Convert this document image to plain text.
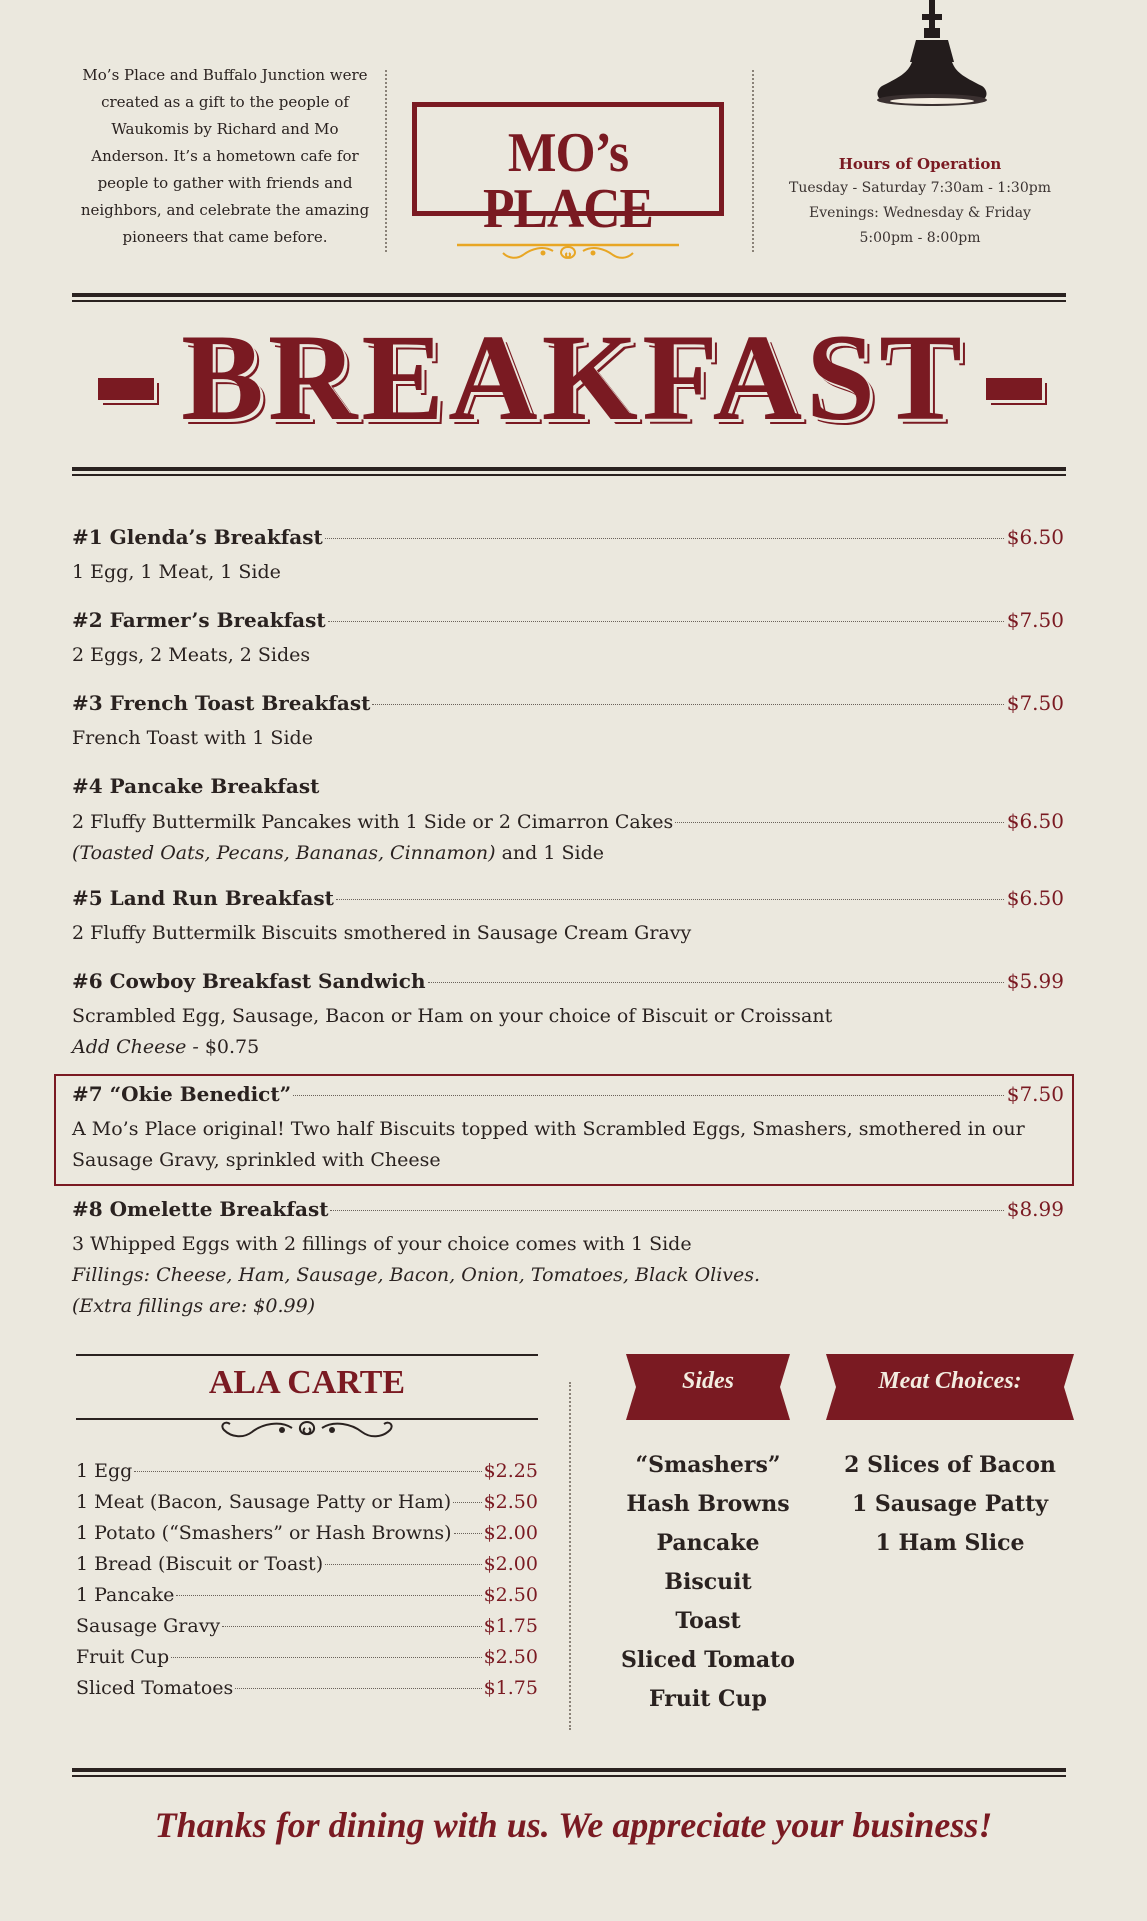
Mo’s Place and Buffalo Junction were created as a gift to the people of Waukomis by Richard and Mo Anderson. It’s a hometown cafe for people to gather with friends and neighbors, and celebrate the amazing pioneers that came before.
MO’s PLACE
Hours of Operation
Tuesday - Saturday 7:30am - 1:30pm
Evenings: Wednesday & Friday
5:00pm - 8:00pm
BREAKFAST
#1 Glenda’s Breakfast	$6.50
1 Egg, 1 Meat, 1 Side
#2 Farmer’s Breakfast	$7.50
2 Eggs, 2 Meats, 2 Sides
#3 French Toast Breakfast	$7.50
French Toast with 1 Side
#4 Pancake Breakfast
2 Fluffy Buttermilk Pancakes with 1 Side or 2 Cimarron Cakes	$6.50
(Toasted Oats, Pecans, Bananas, Cinnamon) and 1 Side
#5 Land Run Breakfast	$6.50
2 Fluffy Buttermilk Biscuits smothered in Sausage Cream Gravy
#6 Cowboy Breakfast Sandwich	$5.99
Scrambled Egg, Sausage, Bacon or Ham on your choice of Biscuit or Croissant
Add Cheese - $0.75
#7 “Okie Benedict”	$7.50
A Mo’s Place original! Two half Biscuits topped with Scrambled Eggs, Smashers, smothered in our Sausage Gravy, sprinkled with Cheese
#8 Omelette Breakfast	$8.99
3 Whipped Eggs with 2 fillings of your choice comes with 1 Side
Fillings: Cheese, Ham, Sausage, Bacon, Onion, Tomatoes, Black Olives.
(Extra fillings are: $0.99)
ALA CARTE
1 Egg	$2.25
1 Meat (Bacon, Sausage Patty or Ham) $2.50
1 Potato (“Smashers” or Hash Browns) $2.00
1 Bread (Biscuit or Toast)	$2.00
1 Pancake	$2.50
Sausage Gravy	$1.75
Fruit Cup	$2.50
Sliced Tomatoes	$1.75
Sides
“Smashers”
Hash Browns
Pancake
Biscuit
Toast
Sliced Tomato
Fruit Cup
Meat Choices:
2 Slices of Bacon
1 Sausage Patty
1 Ham Slice
Thanks for dining with us. We appreciate your business!
